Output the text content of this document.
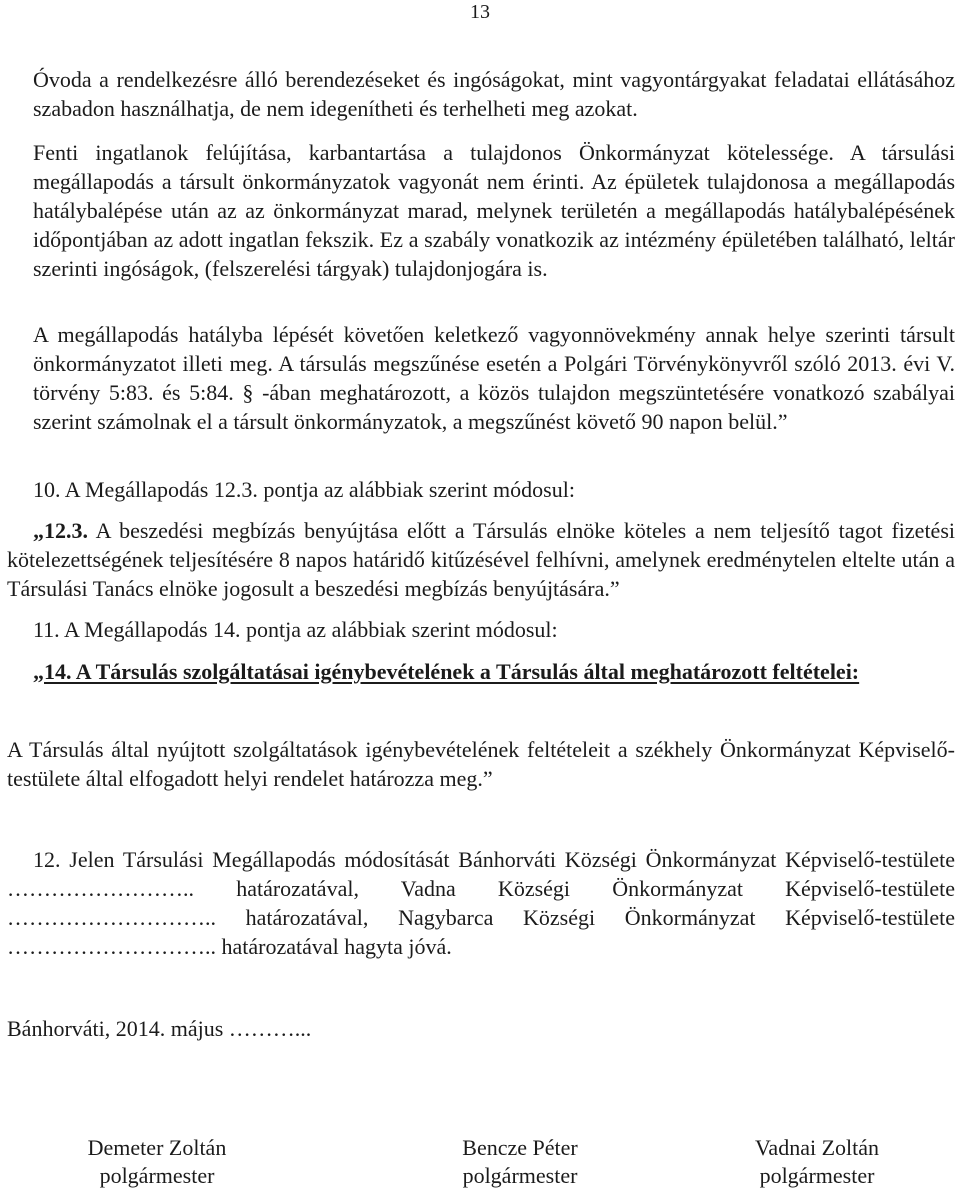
13

Óvoda a rendelkezésre álló berendezéseket és ingóságokat, mint vagyontárgyakat feladatai ellátásához szabadon használhatja, de nem idegenítheti és terhelheti meg azokat.

Fenti ingatlanok felújítása, karbantartása a tulajdonos Önkormányzat kötelessége. A társulási megállapodás a társult önkormányzatok vagyonát nem érinti. Az épületek tulajdonosa a megállapodás hatálybalépése után az az önkormányzat marad, melynek területén a megállapodás hatálybalépésének időpontjában az adott ingatlan fekszik. Ez a szabály vonatkozik az intézmény épületében található, leltár szerinti ingóságok, (felszerelési tárgyak) tulajdonjogára is.

A megállapodás hatályba lépését követően keletkező vagyonnövekmény annak helye szerinti társult önkormányzatot illeti meg. A társulás megszűnése esetén a Polgári Törvénykönyvről szóló 2013. évi V. törvény 5:83. és 5:84. § -ában meghatározott, a közös tulajdon megszüntetésére vonatkozó szabályai szerint számolnak el a társult önkormányzatok, a megszűnést követő 90 napon belül.”

10. A Megállapodás 12.3. pontja az alábbiak szerint módosul:

„12.3. A beszedési megbízás benyújtása előtt a Társulás elnöke köteles a nem teljesítő tagot fizetési kötelezettségének teljesítésére 8 napos határidő kitűzésével felhívni, amelynek eredménytelen eltelte után a Társulási Tanács elnöke jogosult a beszedési megbízás benyújtására.”

11. A Megállapodás 14. pontja az alábbiak szerint módosul:

„14. A Társulás szolgáltatásai igénybevételének a Társulás által meghatározott feltételei:

A Társulás által nyújtott szolgáltatások igénybevételének feltételeit a székhely Önkormányzat Képviselő-testülete által elfogadott helyi rendelet határozza meg.”

12. Jelen Társulási Megállapodás módosítását Bánhorváti Községi Önkormányzat Képviselő-testülete …………………….. határozatával, Vadna Községi Önkormányzat Képviselő-testülete ……………………….. határozatával, Nagybarca Községi Önkormányzat Képviselő-testülete ……………………….. határozatával hagyta jóvá.

Bánhorváti, 2014. május ………...

Demeter Zoltán
polgármester
Bencze Péter
polgármester
Vadnai Zoltán
polgármester
